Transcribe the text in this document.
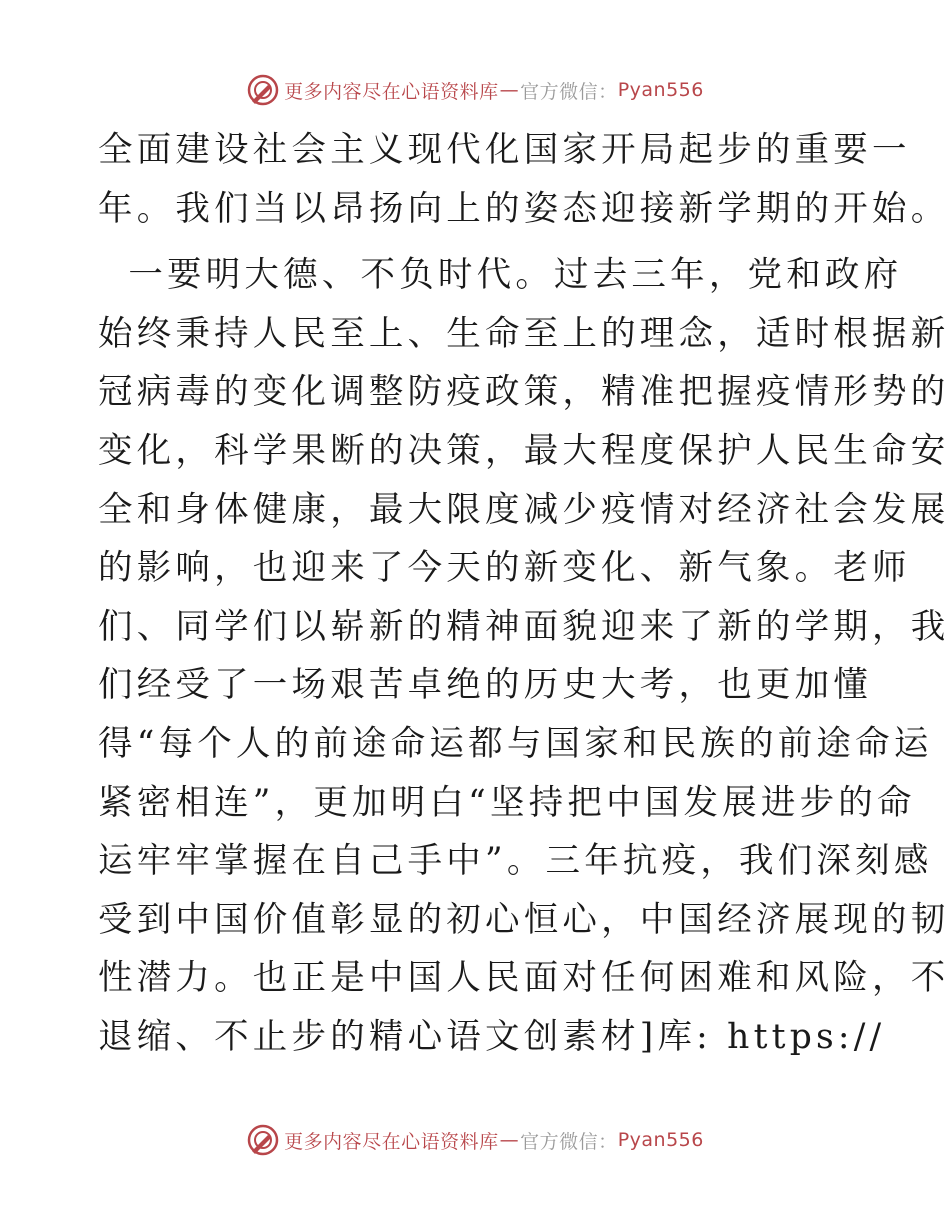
更多内容尽在心语资料库 — 官方微信： Pyan556
全面建设社会主义现代化国家开局起步的重要一
年。我们当以昂扬向上的姿态迎接新学期的开始。
一要明大德、不负时代。过去三年，党和政府
始终秉持人民至上、生命至上的理念，适时根据新
冠病毒的变化调整防疫政策，精准把握疫情形势的
变化，科学果断的决策，最大程度保护人民生命安
全和身体健康，最大限度减少疫情对经济社会发展
的影响，也迎来了今天的新变化、新气象。老师
们、同学们以崭新的精神面貌迎来了新的学期，我
们经受了一场艰苦卓绝的历史大考，也更加懂
得“每个人的前途命运都与国家和民族的前途命运
紧密相连”，更加明白“坚持把中国发展进步的命
运牢牢掌握在自己手中”。三年抗疫，我们深刻感
受到中国价值彰显的初心恒心，中国经济展现的韧
性潜力。也正是中国人民面对任何困难和风险，不
退缩、不止步的精心语文创素材]库: https://
更多内容尽在心语资料库 — 官方微信： Pyan556
